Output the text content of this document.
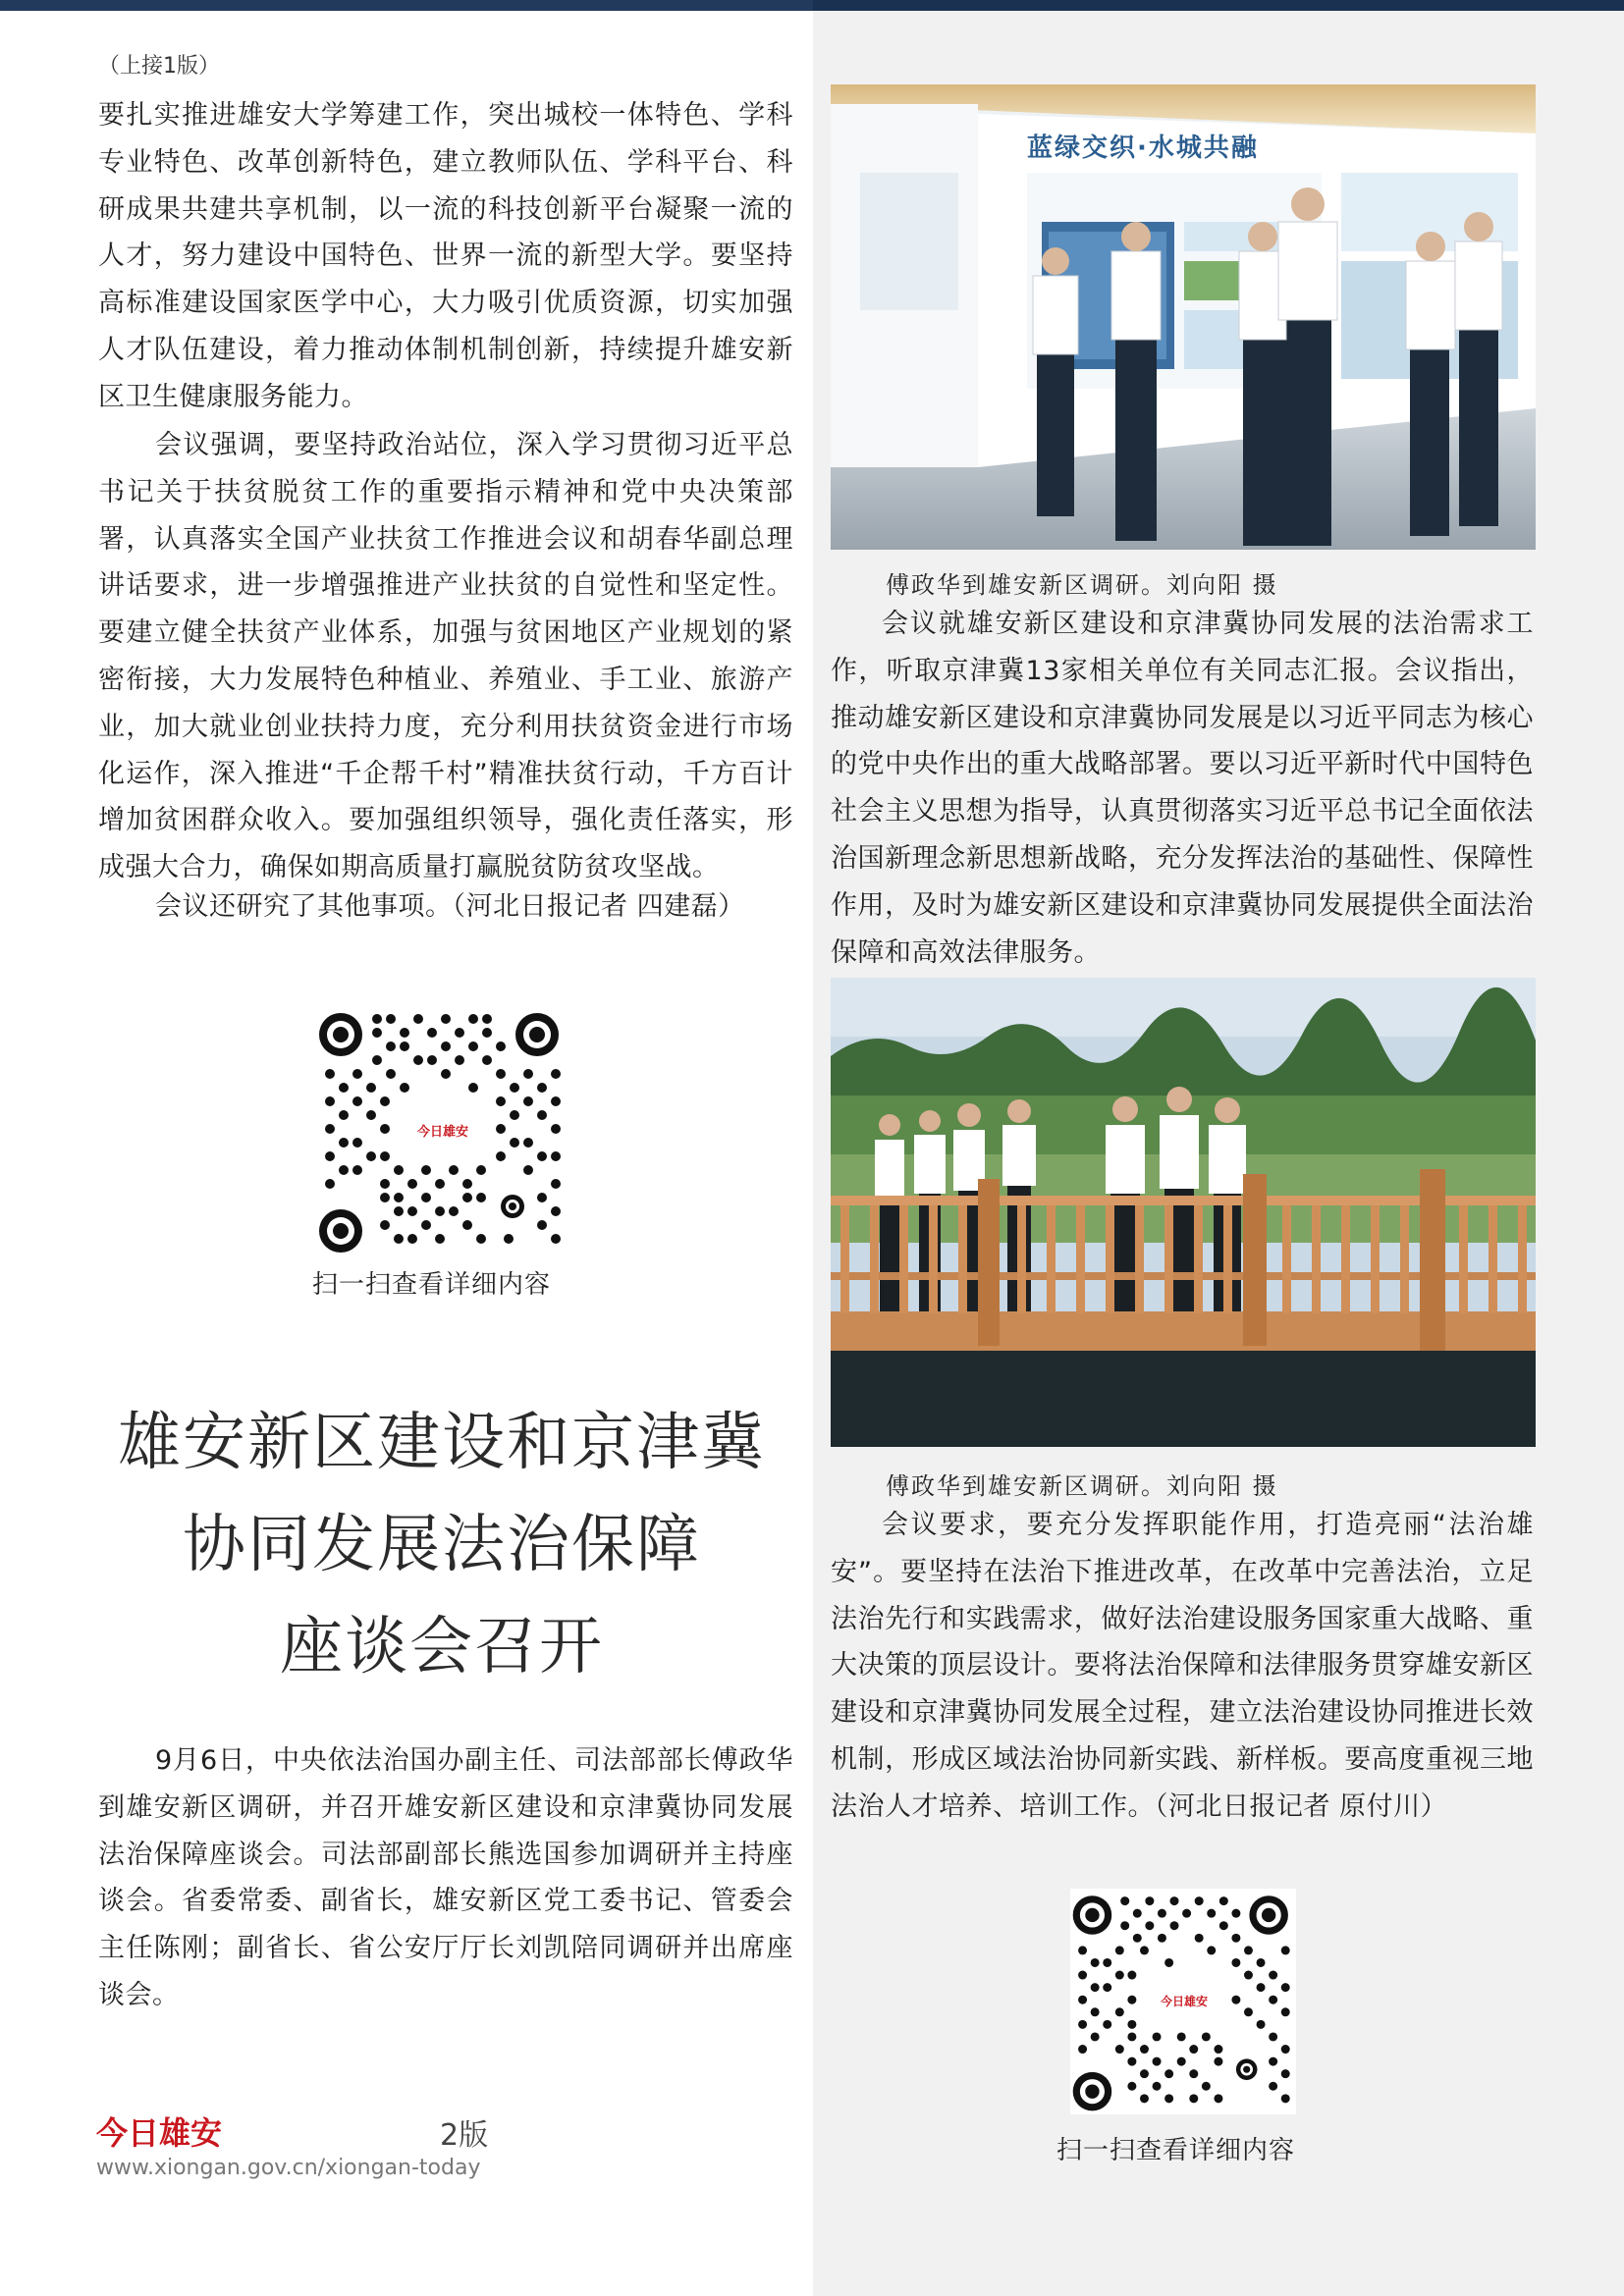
（上接1版）

要扎实推进雄安大学筹建工作，突出城校一体特色、学科专业特色、改革创新特色，建立教师队伍、学科平台、科研成果共建共享机制，以一流的科技创新平台凝聚一流的人才，努力建设中国特色、世界一流的新型大学。要坚持高标准建设国家医学中心，大力吸引优质资源，切实加强人才队伍建设，着力推动体制机制创新，持续提升雄安新区卫生健康服务能力。

会议强调，要坚持政治站位，深入学习贯彻习近平总书记关于扶贫脱贫工作的重要指示精神和党中央决策部署，认真落实全国产业扶贫工作推进会议和胡春华副总理讲话要求，进一步增强推进产业扶贫的自觉性和坚定性。要建立健全扶贫产业体系，加强与贫困地区产业规划的紧密衔接，大力发展特色种植业、养殖业、手工业、旅游产业，加大就业创业扶持力度，充分利用扶贫资金进行市场化运作，深入推进“千企帮千村”精准扶贫行动，千方百计增加贫困群众收入。要加强组织领导，强化责任落实，形成强大合力，确保如期高质量打赢脱贫防贫攻坚战。

会议还研究了其他事项。（河北日报记者 四建磊）

今日雄安
扫一扫查看详细内容
雄安新区建设和京津冀
协同发展法治保障
座谈会召开

9月6日，中央依法治国办副主任、司法部部长傅政华到雄安新区调研，并召开雄安新区建设和京津冀协同发展法治保障座谈会。司法部副部长熊选国参加调研并主持座谈会。省委常委、副省长，雄安新区党工委书记、管委会主任陈刚；副省长、省公安厅厅长刘凯陪同调研并出席座谈会。

今日雄安	2版
www.xiongan.gov.cn/xiongan-today
蓝绿交织·水城共融
傅政华到雄安新区调研。刘向阳 摄

会议就雄安新区建设和京津冀协同发展的法治需求工作，听取京津冀13家相关单位有关同志汇报。会议指出，推动雄安新区建设和京津冀协同发展是以习近平同志为核心的党中央作出的重大战略部署。要以习近平新时代中国特色社会主义思想为指导，认真贯彻落实习近平总书记全面依法治国新理念新思想新战略，充分发挥法治的基础性、保障性作用，及时为雄安新区建设和京津冀协同发展提供全面法治保障和高效法律服务。

傅政华到雄安新区调研。刘向阳 摄

会议要求，要充分发挥职能作用，打造亮丽“法治雄安”。要坚持在法治下推进改革，在改革中完善法治，立足法治先行和实践需求，做好法治建设服务国家重大战略、重大决策的顶层设计。要将法治保障和法律服务贯穿雄安新区建设和京津冀协同发展全过程，建立法治建设协同推进长效机制，形成区域法治协同新实践、新样板。要高度重视三地法治人才培养、培训工作。（河北日报记者 原付川）

今日雄安
扫一扫查看详细内容
